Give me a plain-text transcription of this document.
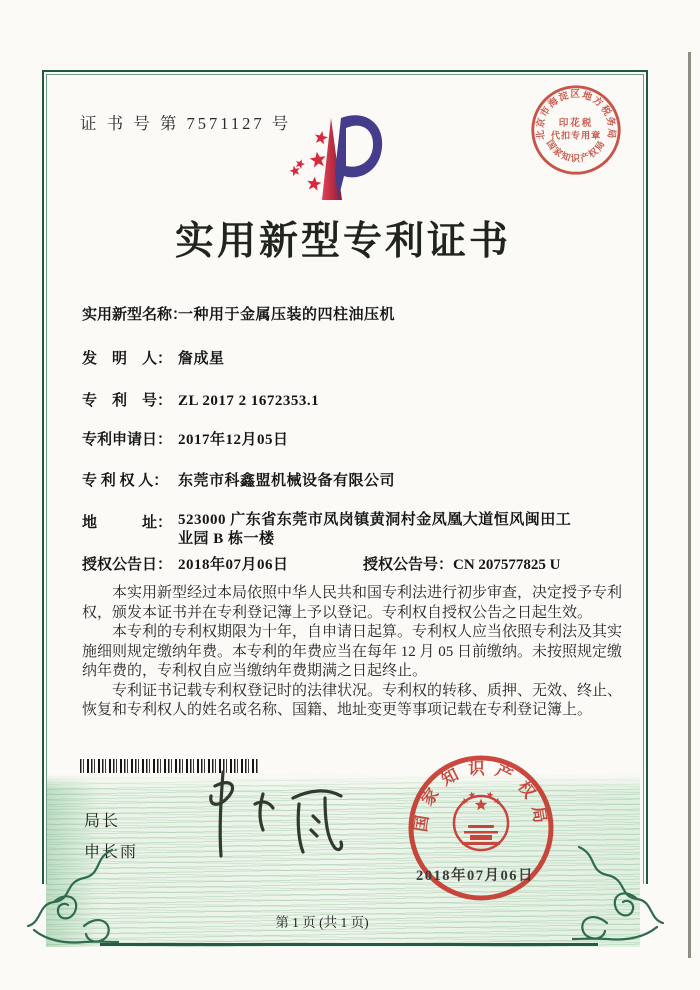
证 书 号 第 7571127 号
实用新型专利证书
北京市海淀区地方税务局
印花税
代扣专用章
国家知识产权局
实用新型名称：一种用于金属压装的四柱油压机
发　明　人： 詹成星
专　利　号： ZL 2017 2 1672353.1
专利申请日： 2017年12月05日
专 利 权 人： 东莞市科鑫盟机械设备有限公司
地　　　址： 523000 广东省东莞市凤岗镇黄洞村金凤凰大道恒风闽田工业园 B 栋一楼
授权公告日： 2018年07月06日	授权公告号：CN 207577825 U

本实用新型经过本局依照中华人民共和国专利法进行初步审查，决定授予专利权，颁发本证书并在专利登记簿上予以登记。专利权自授权公告之日起生效。

本专利的专利权期限为十年，自申请日起算。专利权人应当依照专利法及其实施细则规定缴纳年费。本专利的年费应当在每年 12 月 05 日前缴纳。未按照规定缴纳年费的，专利权自应当缴纳年费期满之日起终止。

专利证书记载专利权登记时的法律状况。专利权的转移、质押、无效、终止、恢复和专利权人的姓名或名称、国籍、地址变更等事项记载在专利登记簿上。

局长
申长雨
国家知识产权局
2018年07月06日
第 1 页 (共 1 页)
